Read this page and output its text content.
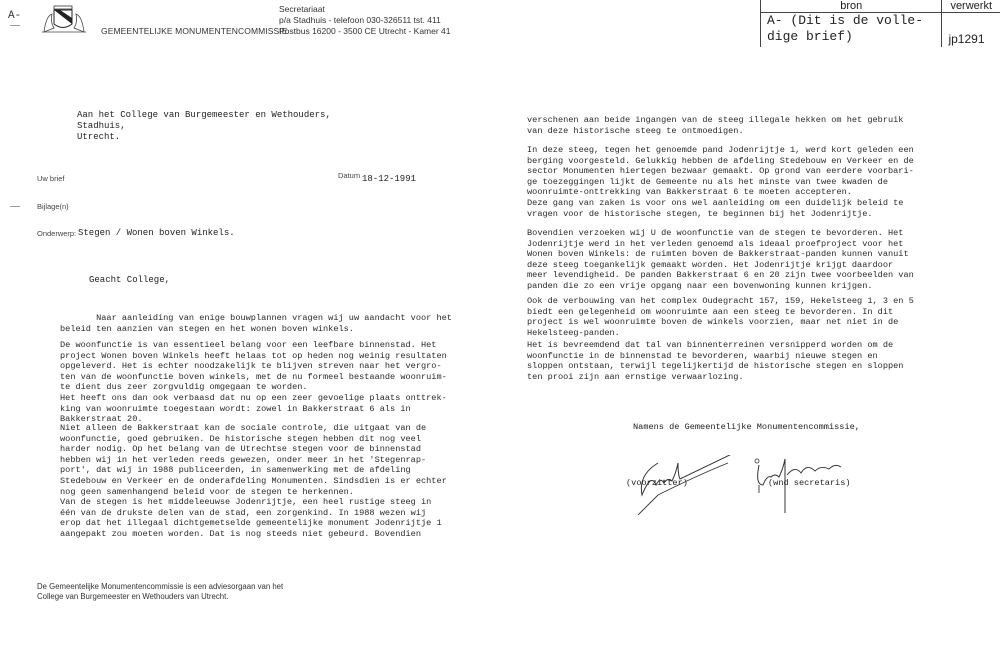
A-
GEMEENTELIJKE MONUMENTENCOMMISSIE
Secretariaat
p/a Stadhuis - telefoon 030-326511 tst. 411
Postbus 16200 - 3500 CE Utrecht - Kamer 41
bron	verwerkt

A- (Dit is de volle-
dige brief)	jp1291
Aan het College van Burgemeester en Wethouders,
Stadhuis,
Utrecht.
Uw brief	Datum 18-12-1991
— Bijlage(n)
—
Onderwerp: Stegen / Wonen boven Winkels.
Geacht College,
Naar aanleiding van enige bouwplannen vragen wij uw aandacht voor het
beleid ten aanzien van stegen en het wonen boven winkels.
De woonfunctie is van essentieel belang voor een leefbare binnenstad. Het
project Wonen boven Winkels heeft helaas tot op heden nog weinig resultaten
opgeleverd. Het is echter noodzakelijk te blijven streven naar het vergro-
ten van de woonfunctie boven winkels, met de nu formeel bestaande woonruim-
te dient dus zeer zorgvuldig omgegaan te worden.
Het heeft ons dan ook verbaasd dat nu op een zeer gevoelige plaats onttrek-
king van woonruimte toegestaan wordt: zowel in Bakkerstraat 6 als in
Bakkerstraat 20.
Niet alleen de Bakkerstraat kan de sociale controle, die uitgaat van de
woonfunctie, goed gebruiken. De historische stegen hebben dit nog veel
harder nodig. Op het belang van de Utrechtse stegen voor de binnenstad
hebben wij in het verleden reeds gewezen, onder meer in het 'Stegenrap-
port', dat wij in 1988 publiceerden, in samenwerking met de afdeling
Stedebouw en Verkeer en de onderafdeling Monumenten. Sindsdien is er echter
nog geen samenhangend beleid voor de stegen te herkennen.
Van de stegen is het middeleeuwse Jodenrijtje, een heel rustige steeg in
één van de drukste delen van de stad, een zorgenkind. In 1988 wezen wij
erop dat het illegaal dichtgemetselde gemeentelijke monument Jodenrijtje 1
aangepakt zou moeten worden. Dat is nog steeds niet gebeurd. Bovendien
verschenen aan beide ingangen van de steeg illegale hekken om het gebruik
van deze historische steeg te ontmoedigen.
In deze steeg, tegen het genoemde pand Jodenrijtje 1, werd kort geleden een
berging voorgesteld. Gelukkig hebben de afdeling Stedebouw en Verkeer en de
sector Monumenten hiertegen bezwaar gemaakt. Op grond van eerdere voorbari-
ge toezeggingen lijkt de Gemeente nu als het minste van twee kwaden de
woonruimte-onttrekking van Bakkerstraat 6 te moeten accepteren.
Deze gang van zaken is voor ons wel aanleiding om een duidelijk beleid te
vragen voor de historische stegen, te beginnen bij het Jodenrijtje.
Bovendien verzoeken wij U de woonfunctie van de stegen te bevorderen. Het
Jodenrijtje werd in het verleden genoemd als ideaal proefproject voor het
Wonen boven Winkels: de ruimten boven de Bakkerstraat-panden kunnen vanuit
deze steeg toegankelijk gemaakt worden. Het Jodenrijtje krijgt daardoor
meer levendigheid. De panden Bakkerstraat 6 en 20 zijn twee voorbeelden van
panden die zo een vrije opgang naar een bovenwoning kunnen krijgen.
Ook de verbouwing van het complex Oudegracht 157, 159, Hekelsteeg 1, 3 en 5
biedt een gelegenheid om woonruimte aan een steeg te bevorderen. In dit
project is wel woonruimte boven de winkels voorzien, maar net niet in de
Hekelsteeg-panden.
Het is bevreemdend dat tal van binnenterreinen versnipperd worden om de
woonfunctie in de binnenstad te bevorderen, waarbij nieuwe stegen en
sloppen ontstaan, terwijl tegelijkertijd de historische stegen en sloppen
ten prooi zijn aan ernstige verwaarlozing.
Namens de Gemeentelijke Monumentencommissie,
(voorzitter)	(wnd secretaris)
De Gemeentelijke Monumentencommissie is een adviesorgaan van het
College van Burgemeester en Wethouders van Utrecht.
